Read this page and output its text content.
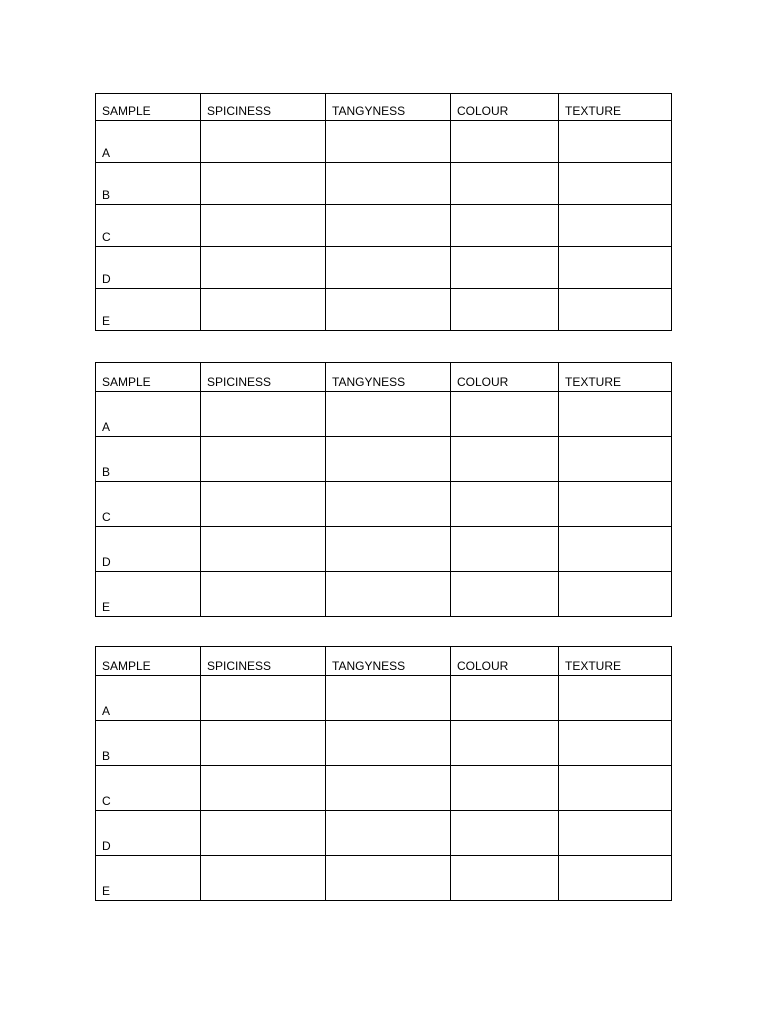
SAMPLE	SPICINESS	TANGYNESS	COLOUR	TEXTURE
A				
B				
C				
D				
E				
SAMPLE	SPICINESS	TANGYNESS	COLOUR	TEXTURE
A				
B				
C				
D				
E				
SAMPLE	SPICINESS	TANGYNESS	COLOUR	TEXTURE
A				
B				
C				
D				
E				
